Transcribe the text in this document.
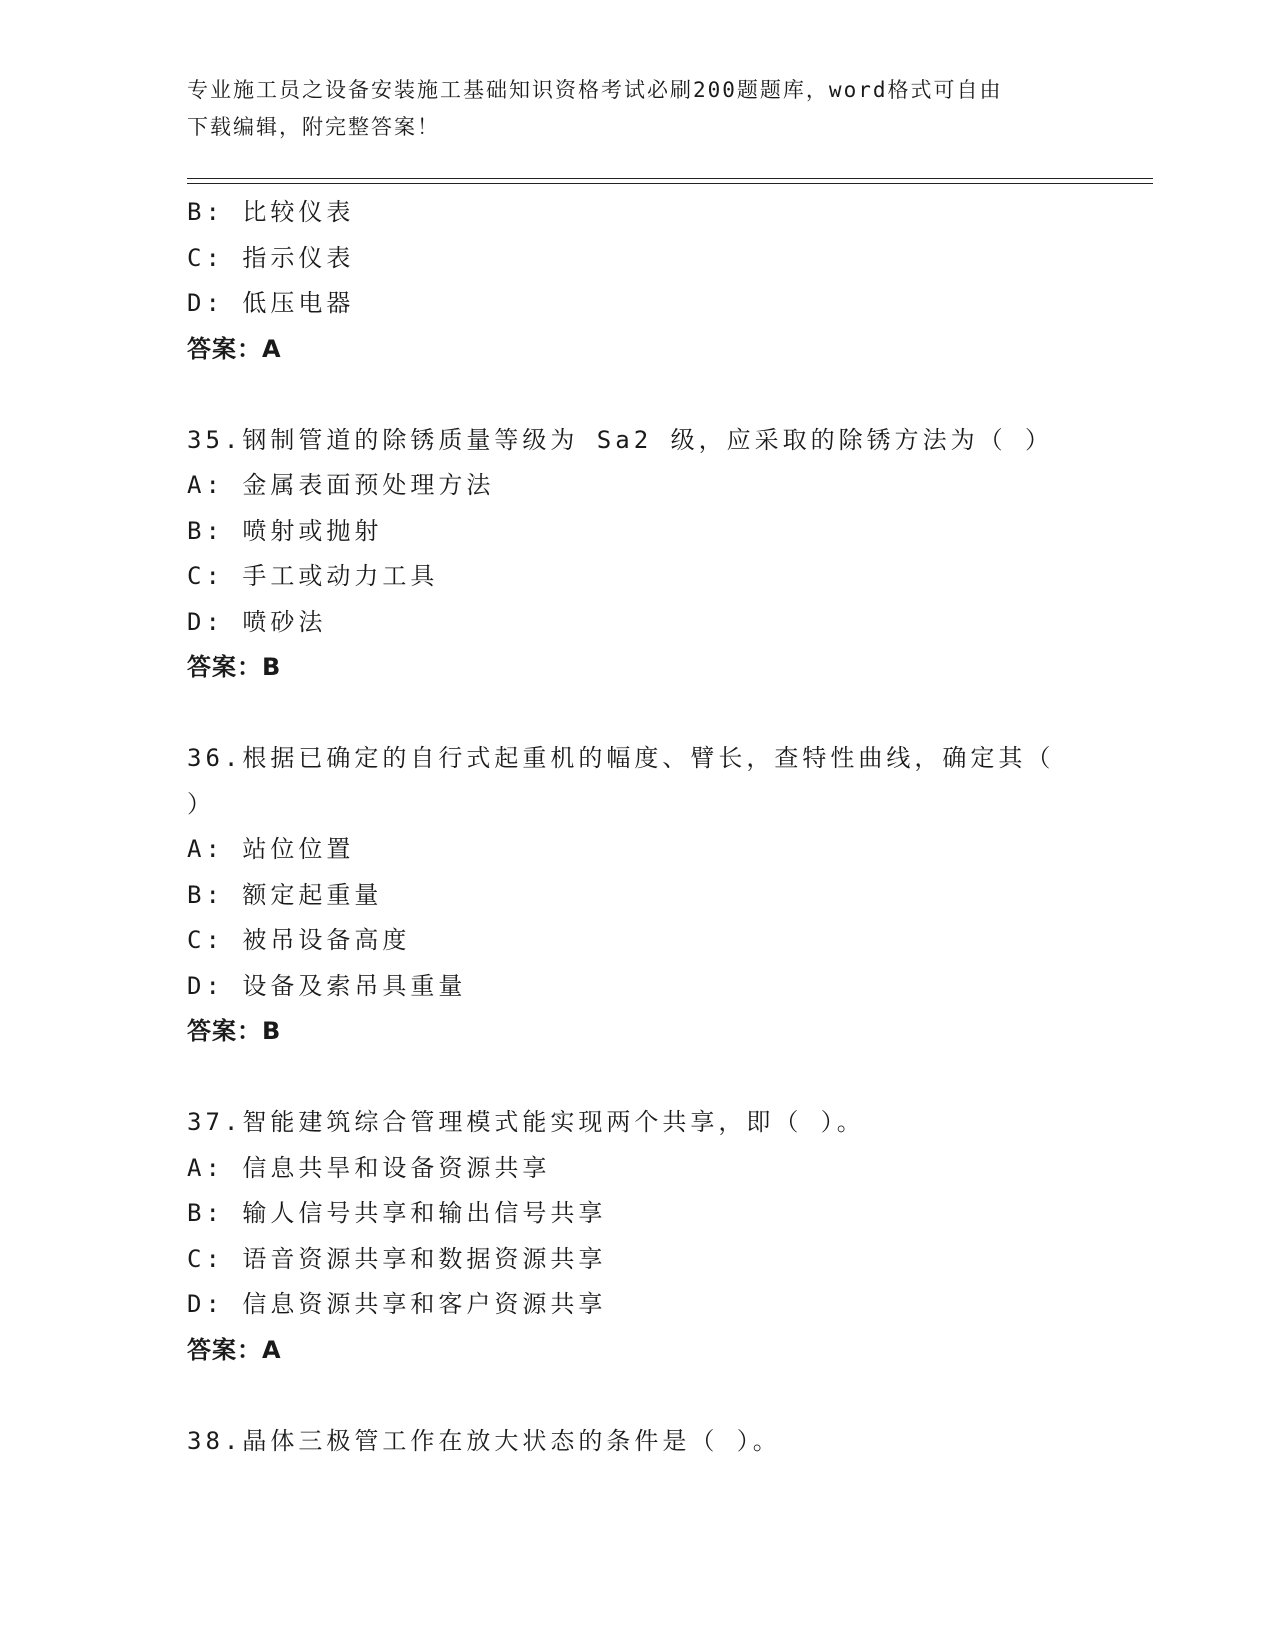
专业施工员之设备安装施工基础知识资格考试必刷200题题库，word格式可自由
下载编辑，附完整答案！
B: 比较仪表
C: 指示仪表
D: 低压电器
答案：A
35.钢制管道的除锈质量等级为 Sa2 级，应采取的除锈方法为（ ）
A: 金属表面预处理方法
B: 喷射或抛射
C: 手工或动力工具
D: 喷砂法
答案：B
36.根据已确定的自行式起重机的幅度、臂长，查特性曲线，确定其（
）
A: 站位位置
B: 额定起重量
C: 被吊设备高度
D: 设备及索吊具重量
答案：B
37.智能建筑综合管理模式能实现两个共享，即（ ）。
A: 信息共旱和设备资源共享
B: 输人信号共享和输出信号共享
C: 语音资源共享和数据资源共享
D: 信息资源共享和客户资源共享
答案：A
38.晶体三极管工作在放大状态的条件是（ ）。
